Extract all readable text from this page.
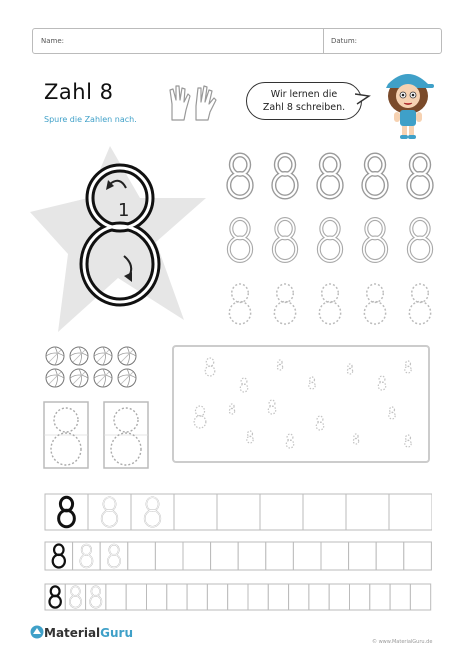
Name:	Datum:
Zahl 8
Spure die Zahlen nach.
Wir lernen die
Zahl 8 schreiben.
1
MaterialGuru
© www.MaterialGuru.de
